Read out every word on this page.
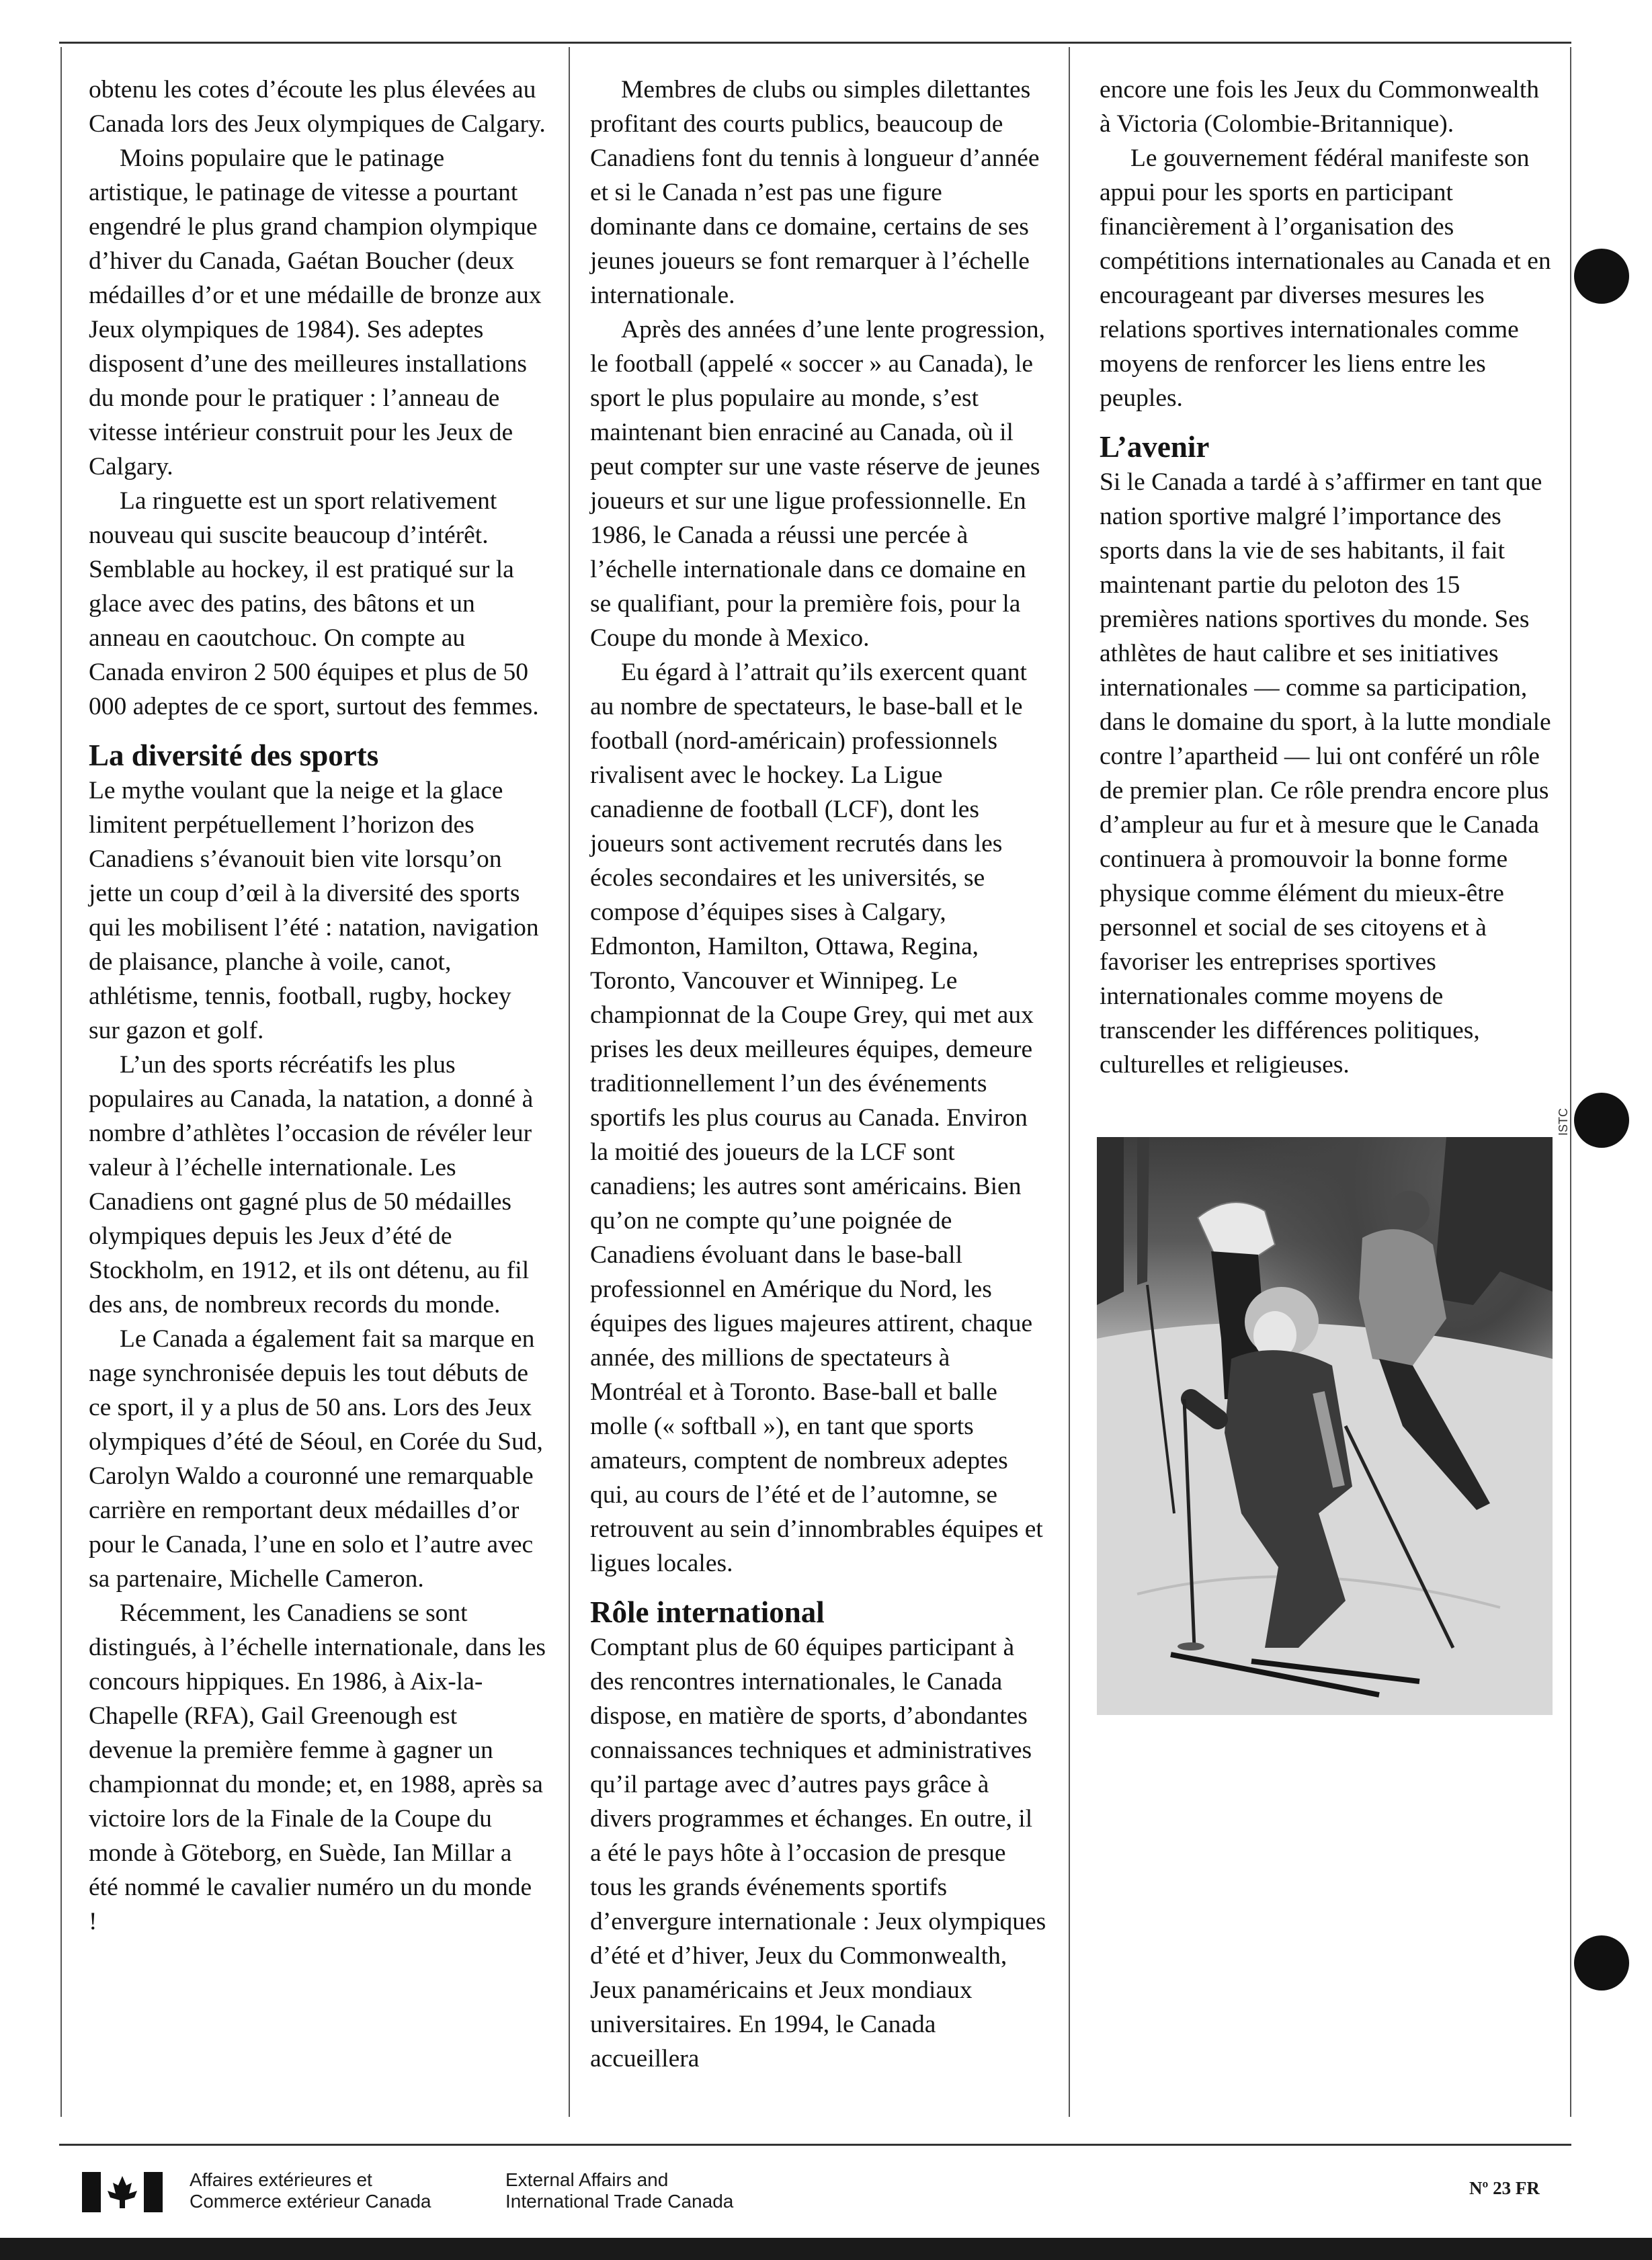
obtenu les cotes d’écoute les plus élevées au Canada lors des Jeux olympiques de Calgary.

Moins populaire que le patinage artistique, le patinage de vitesse a pourtant engendré le plus grand champion olympique d’hiver du Canada, Gaétan Boucher (deux médailles d’or et une médaille de bronze aux Jeux olympiques de 1984). Ses adeptes disposent d’une des meilleures installations du monde pour le pratiquer : l’anneau de vitesse intérieur construit pour les Jeux de Calgary.

La ringuette est un sport relativement nouveau qui suscite beaucoup d’intérêt. Semblable au hockey, il est pratiqué sur la glace avec des patins, des bâtons et un anneau en caoutchouc. On compte au Canada environ 2 500 équipes et plus de 50 000 adeptes de ce sport, surtout des femmes.

La diversité des sports

Le mythe voulant que la neige et la glace limitent perpétuellement l’horizon des Canadiens s’évanouit bien vite lorsqu’on jette un coup d’œil à la diversité des sports qui les mobilisent l’été : natation, navigation de plaisance, planche à voile, canot, athlétisme, tennis, football, rugby, hockey sur gazon et golf.

L’un des sports récréatifs les plus populaires au Canada, la natation, a donné à nombre d’athlètes l’occasion de révéler leur valeur à l’échelle internationale. Les Canadiens ont gagné plus de 50 médailles olympiques depuis les Jeux d’été de Stockholm, en 1912, et ils ont détenu, au fil des ans, de nombreux records du monde.

Le Canada a également fait sa marque en nage synchronisée depuis les tout débuts de ce sport, il y a plus de 50 ans. Lors des Jeux olympiques d’été de Séoul, en Corée du Sud, Carolyn Waldo a couronné une remarquable carrière en remportant deux médailles d’or pour le Canada, l’une en solo et l’autre avec sa partenaire, Michelle Cameron.

Récemment, les Canadiens se sont distingués, à l’échelle internationale, dans les concours hippiques. En 1986, à Aix-la-Chapelle (RFA), Gail Greenough est devenue la première femme à gagner un championnat du monde; et, en 1988, après sa victoire lors de la Finale de la Coupe du monde à Göteborg, en Suède, Ian Millar a été nommé le cavalier numéro un du monde !

Membres de clubs ou simples dilettantes profitant des courts publics, beaucoup de Canadiens font du tennis à longueur d’année et si le Canada n’est pas une figure dominante dans ce domaine, certains de ses jeunes joueurs se font remarquer à l’échelle internationale.

Après des années d’une lente progression, le football (appelé « soccer » au Canada), le sport le plus populaire au monde, s’est maintenant bien enraciné au Canada, où il peut compter sur une vaste réserve de jeunes joueurs et sur une ligue professionnelle. En 1986, le Canada a réussi une percée à l’échelle internationale dans ce domaine en se qualifiant, pour la première fois, pour la Coupe du monde à Mexico.

Eu égard à l’attrait qu’ils exercent quant au nombre de spectateurs, le base-ball et le football (nord-américain) professionnels rivalisent avec le hockey. La Ligue canadienne de football (LCF), dont les joueurs sont activement recrutés dans les écoles secondaires et les universités, se compose d’équipes sises à Calgary, Edmonton, Hamilton, Ottawa, Regina, Toronto, Vancouver et Winnipeg. Le championnat de la Coupe Grey, qui met aux prises les deux meilleures équipes, demeure traditionnellement l’un des événements sportifs les plus courus au Canada. Environ la moitié des joueurs de la LCF sont canadiens; les autres sont américains. Bien qu’on ne compte qu’une poignée de Canadiens évoluant dans le base-ball professionnel en Amérique du Nord, les équipes des ligues majeures attirent, chaque année, des millions de spectateurs à Montréal et à Toronto. Base-ball et balle molle (« softball »), en tant que sports amateurs, comptent de nombreux adeptes qui, au cours de l’été et de l’automne, se retrouvent au sein d’innombrables équipes et ligues locales.

Rôle international

Comptant plus de 60 équipes participant à des rencontres internationales, le Canada dispose, en matière de sports, d’abondantes connaissances techniques et administratives qu’il partage avec d’autres pays grâce à divers programmes et échanges. En outre, il a été le pays hôte à l’occasion de presque tous les grands événements sportifs d’envergure internationale : Jeux olympiques d’été et d’hiver, Jeux du Commonwealth, Jeux panaméricains et Jeux mondiaux universitaires. En 1994, le Canada accueillera

encore une fois les Jeux du Commonwealth à Victoria (Colombie-Britannique).

Le gouvernement fédéral manifeste son appui pour les sports en participant financièrement à l’organisation des compétitions internationales au Canada et en encourageant par diverses mesures les relations sportives internationales comme moyens de renforcer les liens entre les peuples.

L’avenir

Si le Canada a tardé à s’affirmer en tant que nation sportive malgré l’importance des sports dans la vie de ses habitants, il fait maintenant partie du peloton des 15 premières nations sportives du monde. Ses athlètes de haut calibre et ses initiatives internationales — comme sa participation, dans le domaine du sport, à la lutte mondiale contre l’apartheid — lui ont conféré un rôle de premier plan. Ce rôle prendra encore plus d’ampleur au fur et à mesure que le Canada continuera à promouvoir la bonne forme physique comme élément du mieux-être personnel et social de ses citoyens et à favoriser les entreprises sportives internationales comme moyens de transcender les différences politiques, culturelles et religieuses.

ISTC
Affaires extérieures et
Commerce extérieur Canada
External Affairs and
International Trade Canada
Nº 23 FR
